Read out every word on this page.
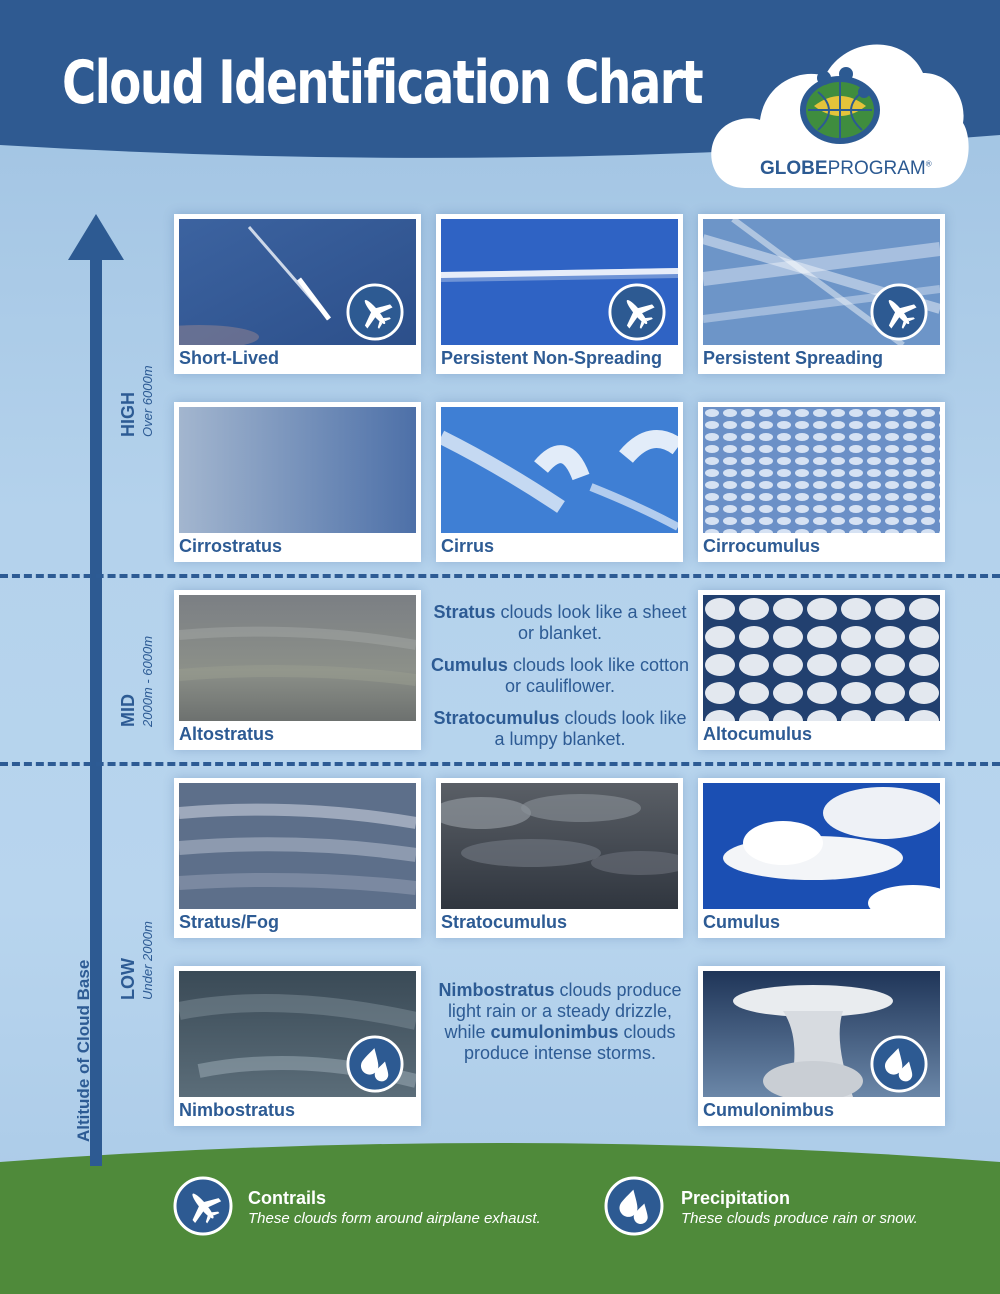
Cloud Identification Chart
GLOBEPROGRAM®
Altitude of Cloud Base
HIGH Over 6000m
MID 2000m - 6000m
LOW Under 2000m
Short-Lived	Persistent Non-Spreading Persistent Spreading
Cirrostratus	Cirrus	Cirrocumulus
Altostratus

Stratus clouds look like a sheet or blanket.

Cumulus clouds look like cotton or cauliflower.

Stratocumulus clouds look like a lumpy blanket.	Altocumulus
Stratus/Fog	Stratocumulus	Cumulus
Nimbostratus

Nimbostratus clouds produce light rain or a steady drizzle, while cumulonimbus clouds produce intense storms.

Cumulonimbus
Contrails
These clouds form around airplane exhaust.
Precipitation
These clouds produce rain or snow.
